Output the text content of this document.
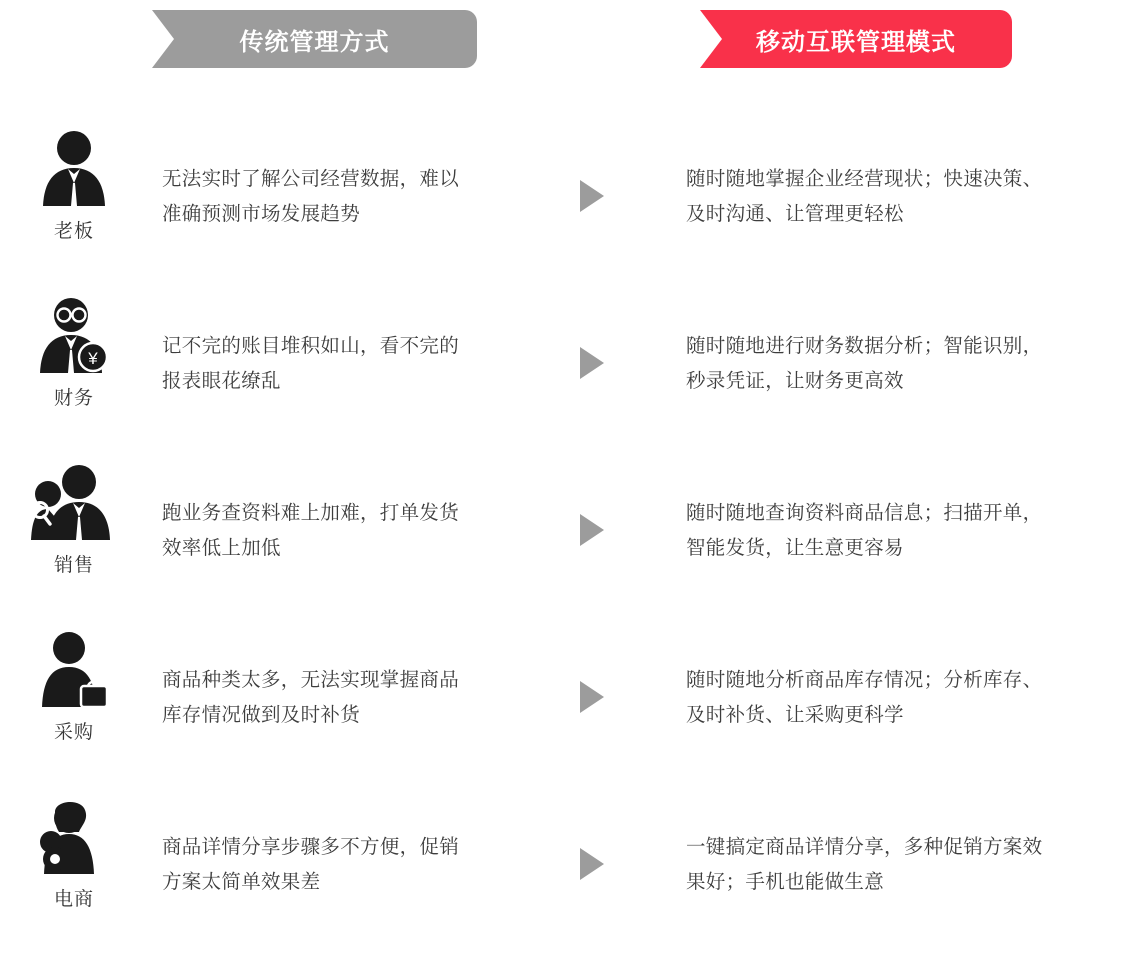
传统管理方式	移动互联管理模式
老板
无法实时了解公司经营数据，难以
准确预测市场发展趋势
随时随地掌握企业经营现状；快速决策、
及时沟通、让管理更轻松
¥
财务
记不完的账目堆积如山，看不完的
报表眼花缭乱
随时随地进行财务数据分析；智能识别，
秒录凭证，让财务更高效
销售
跑业务查资料难上加难，打单发货
效率低上加低
随时随地查询资料商品信息；扫描开单，
智能发货，让生意更容易
采购
商品种类太多，无法实现掌握商品
库存情况做到及时补货
随时随地分析商品库存情况；分析库存、
及时补货、让采购更科学
电商
商品详情分享步骤多不方便，促销
方案太简单效果差
一键搞定商品详情分享，多种促销方案效
果好；手机也能做生意
